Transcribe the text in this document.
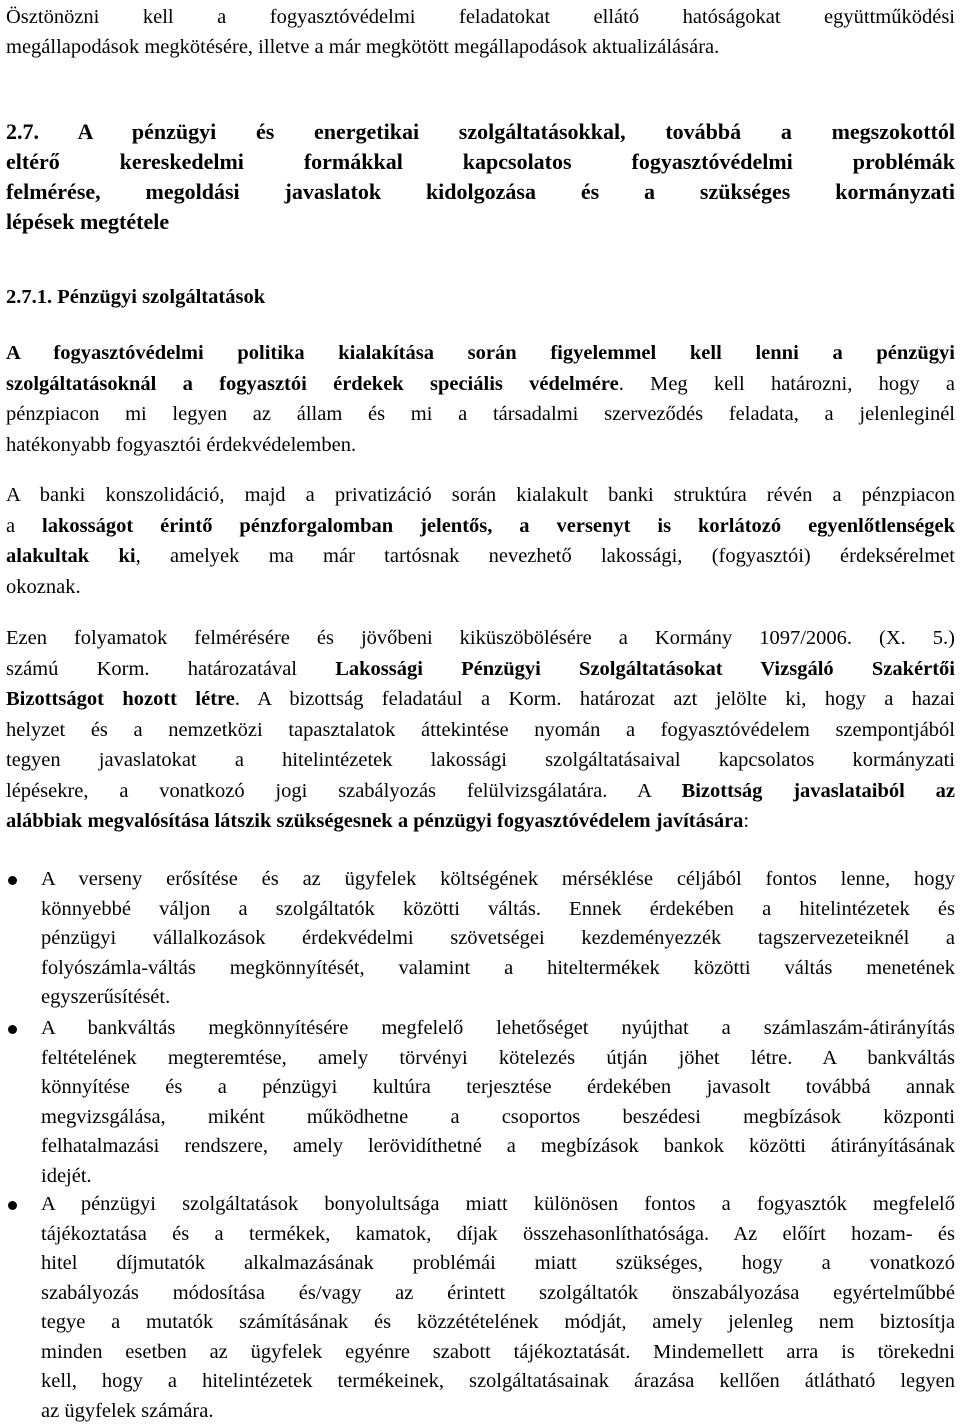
Ösztönözni kell a fogyasztóvédelmi feladatokat ellátó hatóságokat együttműködési

megállapodások megkötésére, illetve a már megkötött megállapodások aktualizálására.

2.7. A pénzügyi és energetikai szolgáltatásokkal, továbbá a megszokottól

eltérő kereskedelmi formákkal kapcsolatos fogyasztóvédelmi problémák

felmérése, megoldási javaslatok kidolgozása és a szükséges kormányzati

lépések megtétele

2.7.1. Pénzügyi szolgáltatások

A fogyasztóvédelmi politika kialakítása során figyelemmel kell lenni a pénzügyi

szolgáltatásoknál a fogyasztói érdekek speciális védelmére. Meg kell határozni, hogy a

pénzpiacon mi legyen az állam és mi a társadalmi szerveződés feladata, a jelenleginél

hatékonyabb fogyasztói érdekvédelemben.

A banki konszolidáció, majd a privatizáció során kialakult banki struktúra révén a pénzpiacon

a lakosságot érintő pénzforgalomban jelentős, a versenyt is korlátozó egyenlőtlenségek

alakultak ki, amelyek ma már tartósnak nevezhető lakossági, (fogyasztói) érdeksérelmet

okoznak.

Ezen folyamatok felmérésére és jövőbeni kiküszöbölésére a Kormány 1097/2006. (X. 5.)

számú Korm. határozatával Lakossági Pénzügyi Szolgáltatásokat Vizsgáló Szakértői

Bizottságot hozott létre. A bizottság feladatául a Korm. határozat azt jelölte ki, hogy a hazai

helyzet és a nemzetközi tapasztalatok áttekintése nyomán a fogyasztóvédelem szempontjából

tegyen javaslatokat a hitelintézetek lakossági szolgáltatásaival kapcsolatos kormányzati

lépésekre, a vonatkozó jogi szabályozás felülvizsgálatára. A Bizottság javaslataiból az

alábbiak megvalósítása látszik szükségesnek a pénzügyi fogyasztóvédelem javítására:

A verseny erősítése és az ügyfelek költségének mérséklése céljából fontos lenne, hogy

könnyebbé váljon a szolgáltatók közötti váltás. Ennek érdekében a hitelintézetek és

pénzügyi vállalkozások érdekvédelmi szövetségei kezdeményezzék tagszervezeteiknél a

folyószámla-váltás megkönnyítését, valamint a hiteltermékek közötti váltás menetének

egyszerűsítését.

A bankváltás megkönnyítésére megfelelő lehetőséget nyújthat a számlaszám-átirányítás

feltételének megteremtése, amely törvényi kötelezés útján jöhet létre. A bankváltás

könnyítése és a pénzügyi kultúra terjesztése érdekében javasolt továbbá annak

megvizsgálása, miként működhetne a csoportos beszédesi megbízások központi

felhatalmazási rendszere, amely lerövidíthetné a megbízások bankok közötti átirányításának

idejét.

A pénzügyi szolgáltatások bonyolultsága miatt különösen fontos a fogyasztók megfelelő

tájékoztatása és a termékek, kamatok, díjak összehasonlíthatósága. Az előírt hozam- és

hitel díjmutatók alkalmazásának problémái miatt szükséges, hogy a vonatkozó

szabályozás módosítása és/vagy az érintett szolgáltatók önszabályozása egyértelműbbé

tegye a mutatók számításának és közzétételének módját, amely jelenleg nem biztosítja

minden esetben az ügyfelek egyénre szabott tájékoztatását. Mindemellett arra is törekedni

kell, hogy a hitelintézetek termékeinek, szolgáltatásainak árazása kellően átlátható legyen

az ügyfelek számára.
